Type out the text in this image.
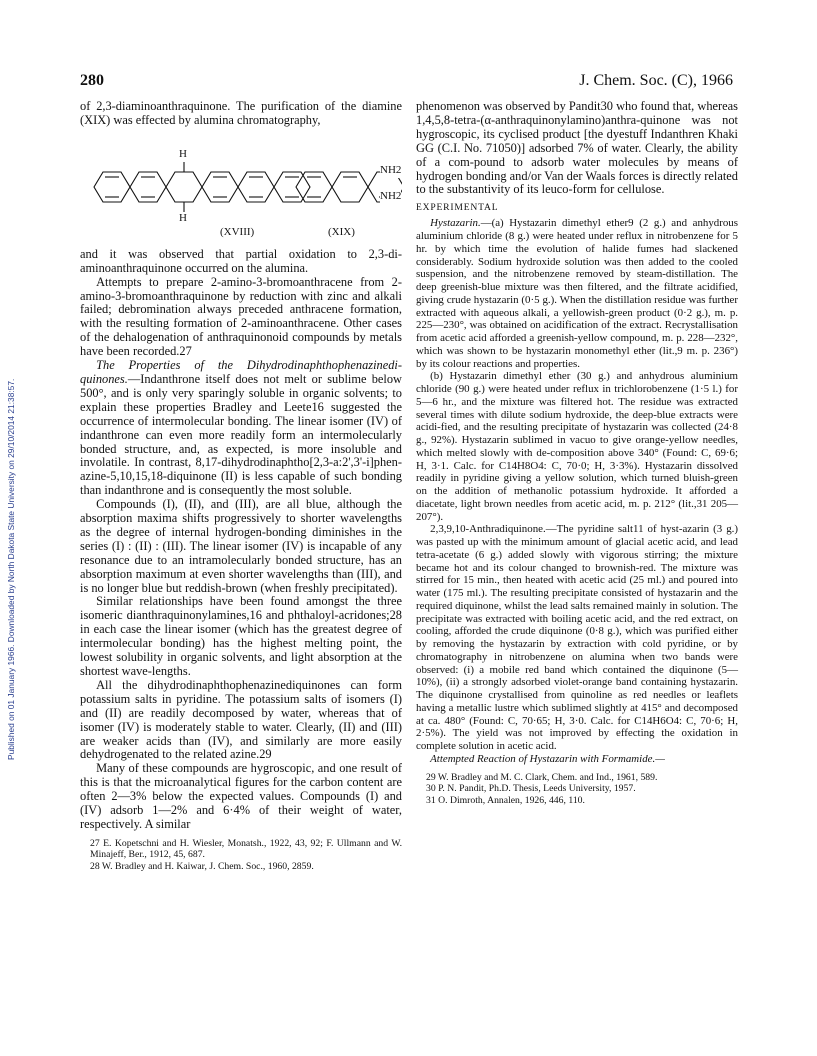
Published on 01 January 1966. Downloaded by North Dakota State University on 29/10/2014 21:38:57.
280	J. Chem. Soc. (C), 1966

of 2,3-diaminoanthraquinone. The purification of the diamine (XIX) was effected by alumina chromatography,

H
H
NH2
NH2
(XVIII)	(XIX)

and it was observed that partial oxidation to 2,3-di-aminoanthraquinone occurred on the alumina.

Attempts to prepare 2-amino-3-bromoanthracene from 2-amino-3-bromoanthraquinone by reduction with zinc and alkali failed; debromination always preceded anthracene formation, with the resulting formation of 2-aminoanthracene. Other cases of the dehalogenation of anthraquinonoid compounds by metals have been recorded.27

The Properties of the Dihydrodinaphthophenazinedi-quinones.—Indanthrone itself does not melt or sublime below 500°, and is only very sparingly soluble in organic solvents; to explain these properties Bradley and Leete16 suggested the occurrence of intermolecular bonding. The linear isomer (IV) of indanthrone can even more readily form an intermolecularly bonded structure, and, as expected, is more insoluble and involatile. In contrast, 8,17-dihydrodinaphtho[2,3-a:2',3'-i]phen-azine-5,10,15,18-diquinone (II) is less capable of such bonding than indanthrone and is consequently the most soluble.

Compounds (I), (II), and (III), are all blue, although the absorption maxima shifts progressively to shorter wavelengths as the degree of internal hydrogen-bonding diminishes in the series (I) : (II) : (III). The linear isomer (IV) is incapable of any resonance due to an intramolecularly bonded structure, has an absorption maximum at even shorter wavelengths than (III), and is no longer blue but reddish-brown (when freshly precipitated).

Similar relationships have been found amongst the three isomeric dianthraquinonylamines,16 and phthaloyl-acridones;28 in each case the linear isomer (which has the greatest degree of intermolecular bonding) has the highest melting point, the lowest solubility in organic solvents, and light absorption at the shortest wave-lengths.

All the dihydrodinaphthophenazinediquinones can form potassium salts in pyridine. The potassium salts of isomers (I) and (II) are readily decomposed by water, whereas that of isomer (IV) is moderately stable to water. Clearly, (II) and (III) are weaker acids than (IV), and similarly are more easily dehydrogenated to the related azine.29

Many of these compounds are hygroscopic, and one result of this is that the microanalytical figures for the carbon content are often 2—3% below the expected values. Compounds (I) and (IV) adsorb 1—2% and 6·4% of their weight of water, respectively. A similar

27 E. Kopetschni and H. Wiesler, Monatsh., 1922, 43, 92; F. Ullmann and W. Minajeff, Ber., 1912, 45, 687.

28 W. Bradley and H. Kaiwar, J. Chem. Soc., 1960, 2859.

phenomenon was observed by Pandit30 who found that, whereas 1,4,5,8-tetra-(α-anthraquinonylamino)anthra-quinone was not hygroscopic, its cyclised product [the dyestuff Indanthren Khaki GG (C.I. No. 71050)] adsorbed 7% of water. Clearly, the ability of a com-pound to adsorb water molecules by means of hydrogen bonding and/or Van der Waals forces is directly related to the substantivity of its leuco-form for cellulose.

EXPERIMENTAL

Hystazarin.—(a) Hystazarin dimethyl ether9 (2 g.) and anhydrous aluminium chloride (8 g.) were heated under reflux in nitrobenzene for 5 hr. by which time the evolution of halide fumes had slackened considerably. Sodium hydroxide solution was then added to the cooled suspension, and the nitrobenzene removed by steam-distillation. The deep greenish-blue mixture was then filtered, and the filtrate acidified, giving crude hystazarin (0·5 g.). When the distillation residue was further extracted with aqueous alkali, a yellowish-green product (0·2 g.), m. p. 225—230°, was obtained on acidification of the extract. Recrystallisation from acetic acid afforded a greenish-yellow compound, m. p. 228—232°, which was shown to be hystazarin monomethyl ether (lit.,9 m. p. 236°) by its colour reactions and properties.

(b) Hystazarin dimethyl ether (30 g.) and anhydrous aluminium chloride (90 g.) were heated under reflux in trichlorobenzene (1·5 l.) for 5—6 hr., and the mixture was filtered hot. The residue was extracted several times with dilute sodium hydroxide, the deep-blue extracts were acidi-fied, and the resulting precipitate of hystazarin was collected (24·8 g., 92%). Hystazarin sublimed in vacuo to give orange-yellow needles, which melted slowly with de-composition above 340° (Found: C, 69·6; H, 3·1. Calc. for C14H8O4: C, 70·0; H, 3·3%). Hystazarin dissolved readily in pyridine giving a yellow solution, which turned bluish-green on the addition of methanolic potassium hydroxide. It afforded a diacetate, light brown needles from acetic acid, m. p. 212° (lit.,31 205—207°).

2,3,9,10-Anthradiquinone.—The pyridine salt11 of hyst-azarin (3 g.) was pasted up with the minimum amount of glacial acetic acid, and lead tetra-acetate (6 g.) added slowly with vigorous stirring; the mixture became hot and its colour changed to brownish-red. The mixture was stirred for 15 min., then heated with acetic acid (25 ml.) and poured into water (175 ml.). The resulting precipitate consisted of hystazarin and the required diquinone, whilst the lead salts remained mainly in solution. The precipitate was extracted with boiling acetic acid, and the red extract, on cooling, afforded the crude diquinone (0·8 g.), which was purified either by removing the hystazarin by extraction with cold pyridine, or by chromatography in nitrobenzene on alumina when two bands were observed: (i) a mobile red band which contained the diquinone (5—10%), (ii) a strongly adsorbed violet-orange band containing hystazarin. The diquinone crystallised from quinoline as red needles or leaflets having a metallic lustre which sublimed slightly at 415° and decomposed at ca. 480° (Found: C, 70·65; H, 3·0. Calc. for C14H6O4: C, 70·6; H, 2·5%). The yield was not improved by effecting the oxidation in complete solution in acetic acid.

Attempted Reaction of Hystazarin with Formamide.—

29 W. Bradley and M. C. Clark, Chem. and Ind., 1961, 589.

30 P. N. Pandit, Ph.D. Thesis, Leeds University, 1957.

31 O. Dimroth, Annalen, 1926, 446, 110.
